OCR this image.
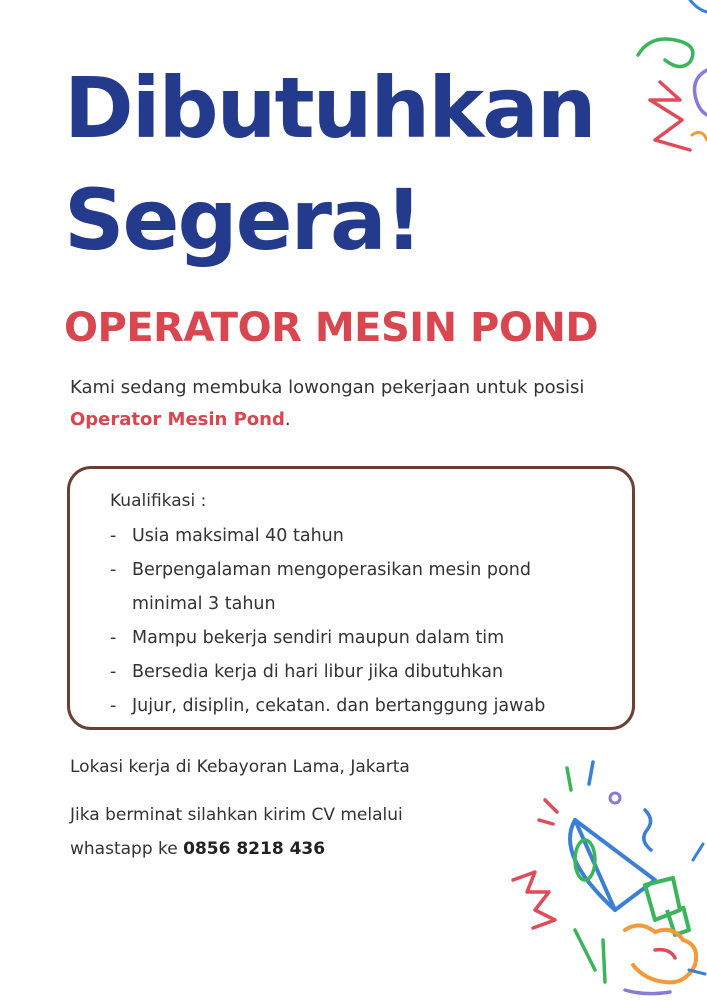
Dibutuhkan
Segera!
OPERATOR MESIN POND

Kami sedang membuka lowongan pekerjaan untuk posisi Operator Mesin Pond.

Kualifikasi :

- Usia maksimal 40 tahun
- Berpengalaman mengoperasikan mesin pond
minimal 3 tahun
- Mampu bekerja sendiri maupun dalam tim
- Bersedia kerja di hari libur jika dibutuhkan
- Jujur, disiplin, cekatan. dan bertanggung jawab

Lokasi kerja di Kebayoran Lama, Jakarta

Jika berminat silahkan kirim CV melalui
whastapp ke 0856 8218 436
